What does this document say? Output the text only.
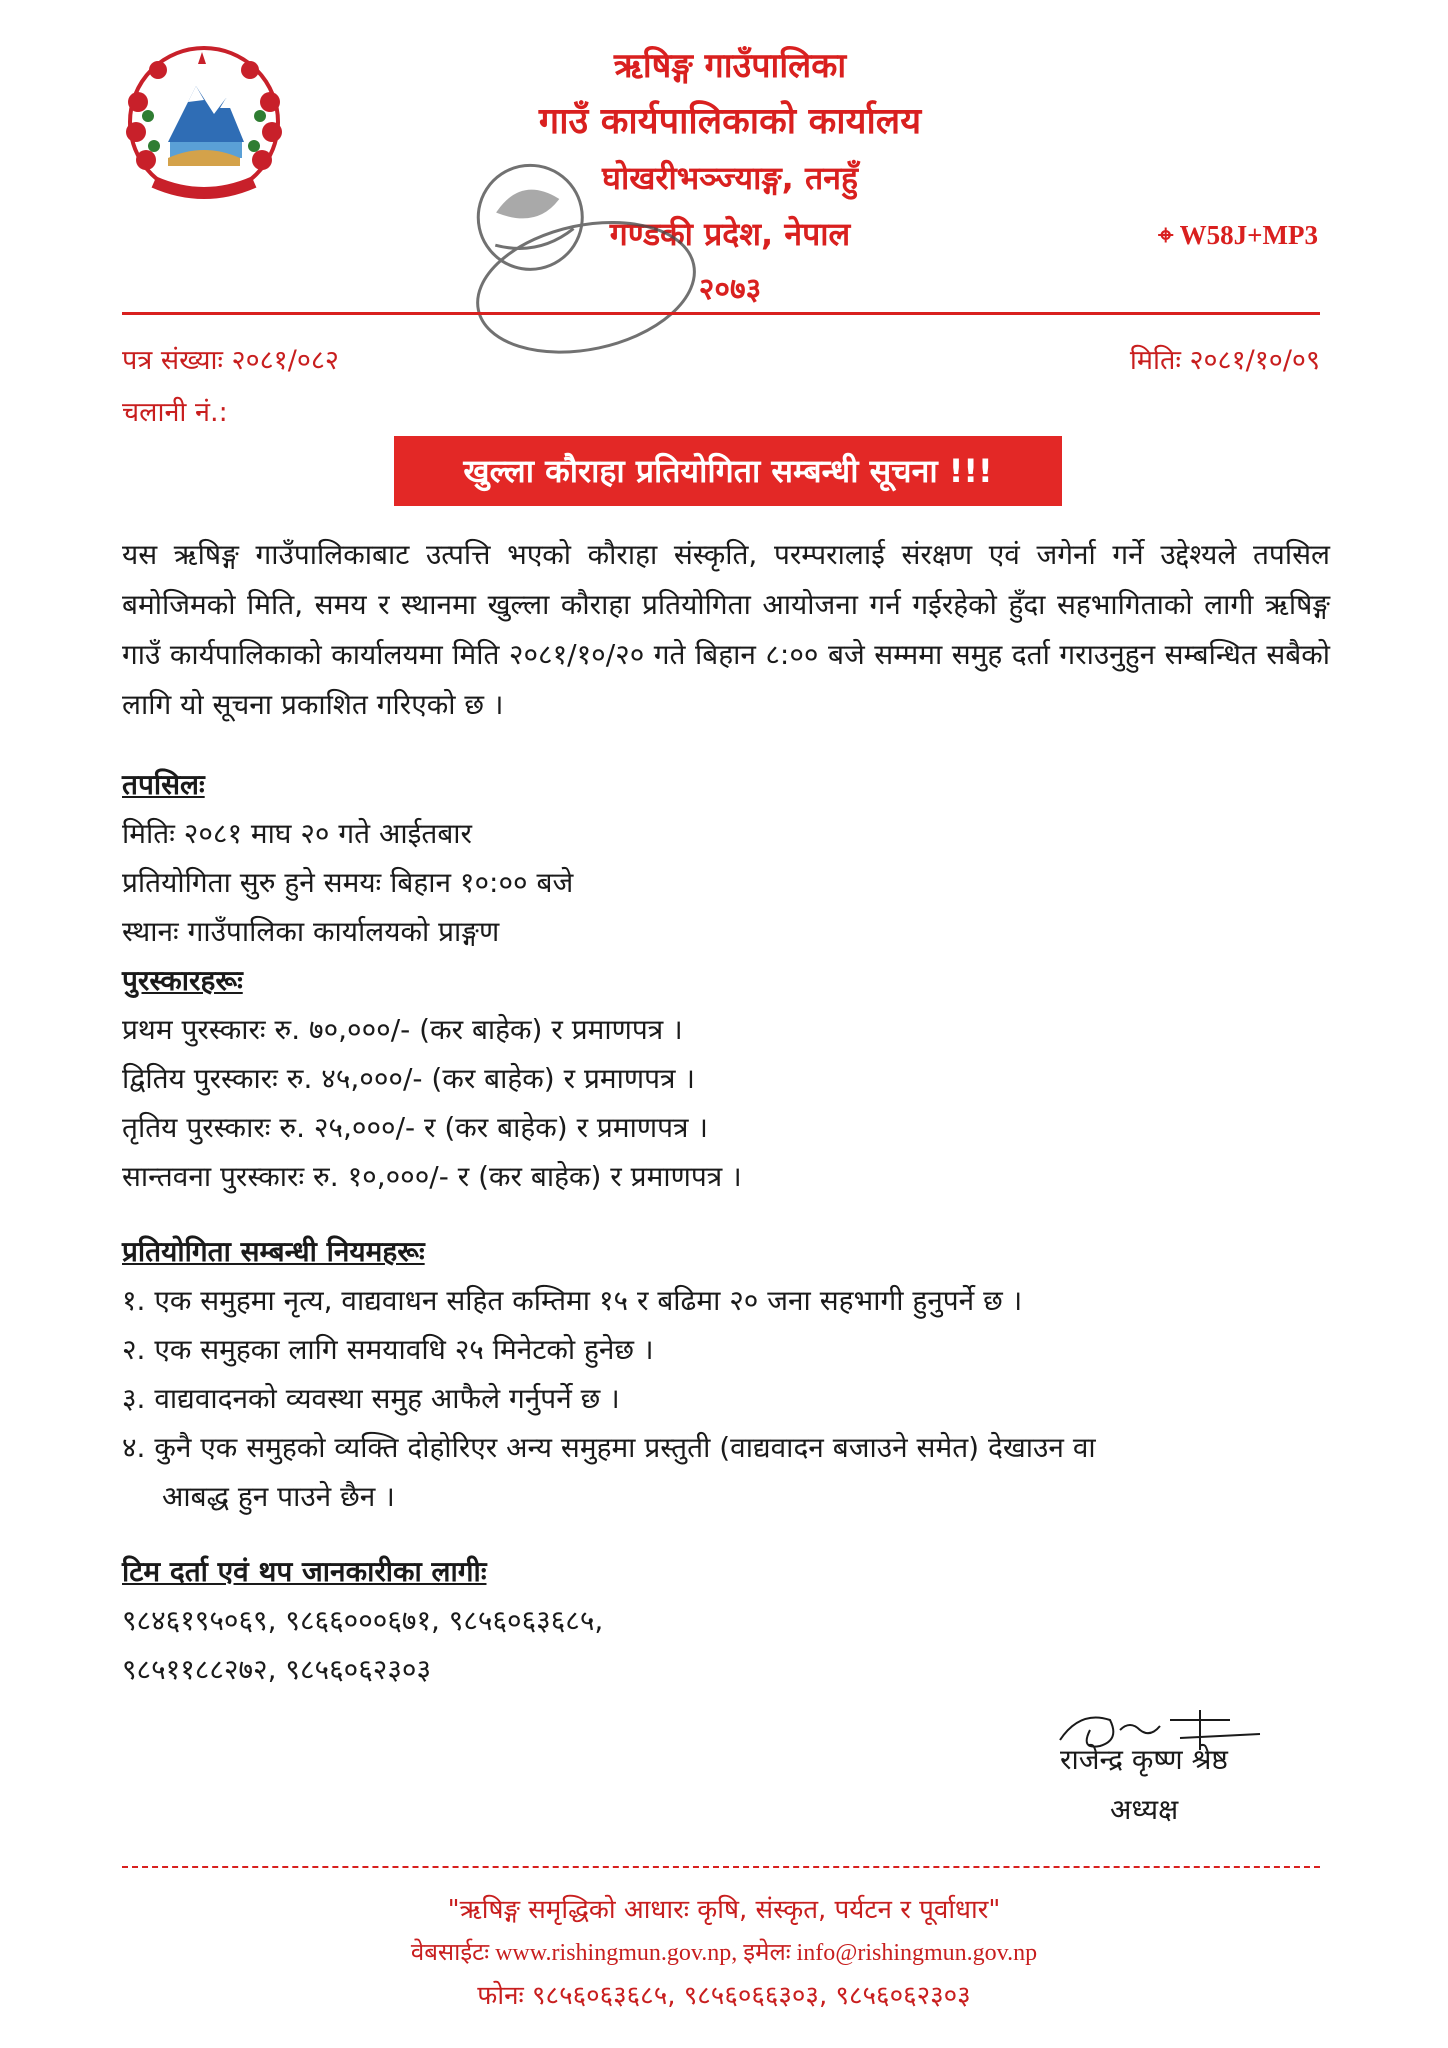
ऋषिङ्ग गाउँपालिका
गाउँ कार्यपालिकाको कार्यालय
घोखरीभञ्ज्याङ्ग, तनहुँ
गण्डकी प्रदेश, नेपाल
२०७३
⌖ W58J+MP3
पत्र संख्याः २०८१/०८२	मितिः २०८१/१०/०९
चलानी नं.:
खुल्ला कौराहा प्रतियोगिता सम्बन्धी सूचना !!!
यस ऋषिङ्ग गाउँपालिकाबाट उत्पत्ति भएको कौराहा संस्कृति, परम्परालाई संरक्षण एवं जगेर्ना गर्ने उद्देश्यले तपसिल बमोजिमको मिति, समय र स्थानमा खुल्ला कौराहा प्रतियोगिता आयोजना गर्न गईरहेको हुँदा सहभागिताको लागी ऋषिङ्ग गाउँ कार्यपालिकाको कार्यालयमा मिति २०८१/१०/२० गते बिहान ८:०० बजे सम्ममा समुह दर्ता गराउनुहुन सम्बन्धित सबैको लागि यो सूचना प्रकाशित गरिएको छ ।
तपसिलः
मितिः २०८१ माघ २० गते आईतबार
प्रतियोगिता सुरु हुने समयः बिहान १०:०० बजे
स्थानः गाउँपालिका कार्यालयको प्राङ्गण
पुरस्कारहरूः
प्रथम पुरस्कारः रु. ७०,०००/- (कर बाहेक) र प्रमाणपत्र ।
द्वितिय पुरस्कारः रु. ४५,०००/- (कर बाहेक) र प्रमाणपत्र ।
तृतिय पुरस्कारः रु. २५,०००/- र (कर बाहेक) र प्रमाणपत्र ।
सान्तवना पुरस्कारः रु. १०,०००/- र (कर बाहेक) र प्रमाणपत्र ।
प्रतियोगिता सम्बन्धी नियमहरूः
१. एक समुहमा नृत्य, वाद्यवाधन सहित कम्तिमा १५ र बढिमा २० जना सहभागी हुनुपर्ने छ ।
२. एक समुहका लागि समयावधि २५ मिनेटको हुनेछ ।
३. वाद्यवादनको व्यवस्था समुह आफैले गर्नुपर्ने छ ।
४. कुनै एक समुहको व्यक्ति दोहोरिएर अन्य समुहमा प्रस्तुती (वाद्यवादन बजाउने समेत) देखाउन वा
आबद्ध हुन पाउने छैन ।
टिम दर्ता एवं थप जानकारीका लागीः
९८४६१९५०६९, ९८६६०००६७१, ९८५६०६३६८५,
९८५११८८२७२, ९८५६०६२३०३
राजेन्द्र कृष्ण श्रेष्ठ
अध्यक्ष
"ऋषिङ्ग समृद्धिको आधारः कृषि, संस्कृत, पर्यटन र पूर्वाधार"
वेबसाईटः www.rishingmun.gov.np, इमेलः info@rishingmun.gov.np
फोनः ९८५६०६३६८५, ९८५६०६६३०३, ९८५६०६२३०३
